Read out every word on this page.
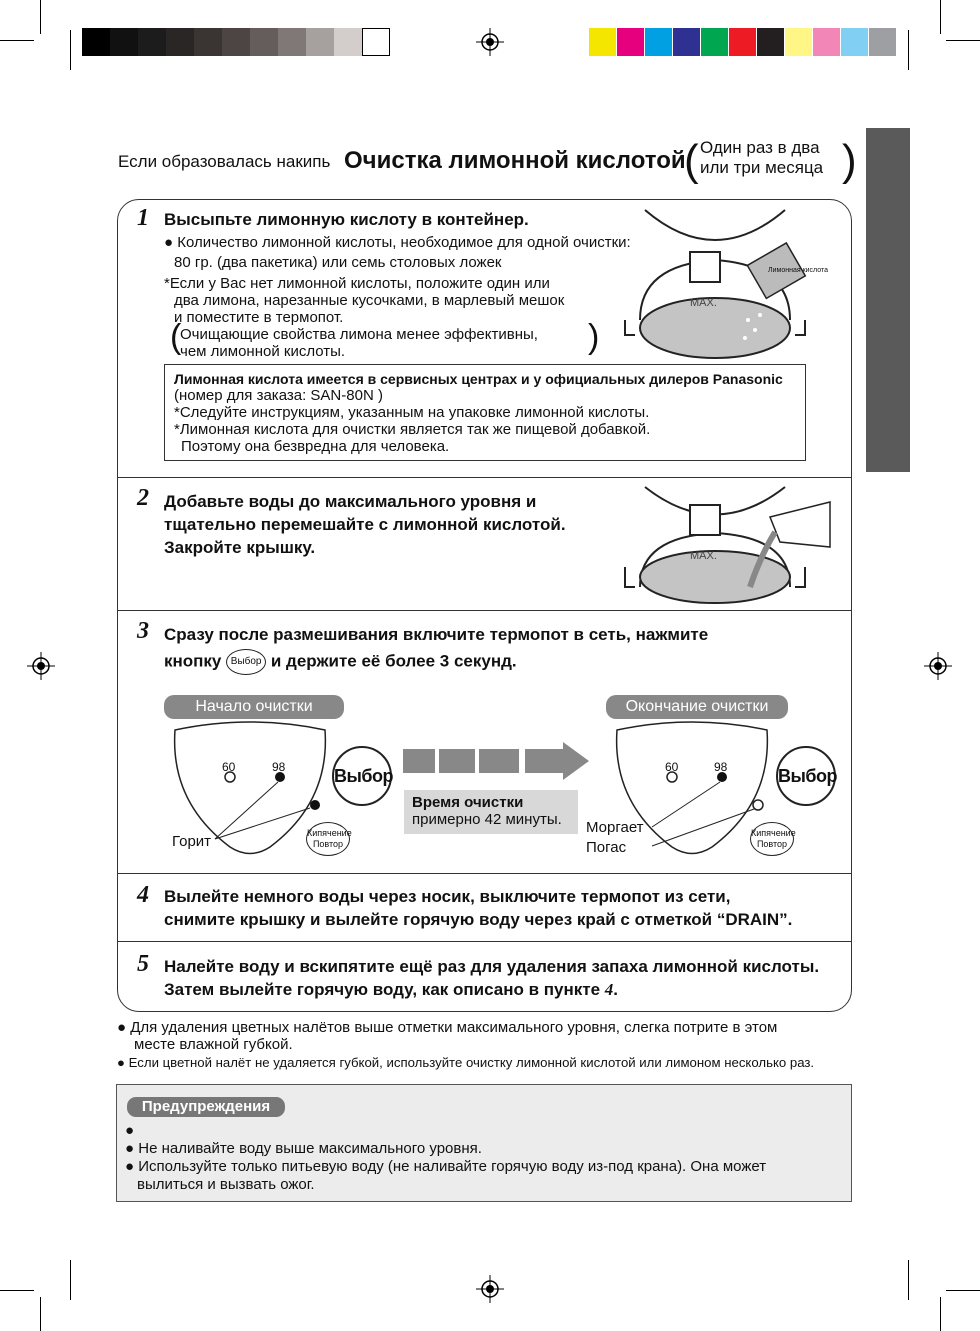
Если образовалась накипь Очистка лимонной кислотой
( Один раз в два
или три месяца )
1 Высыпьте лимонную кислоту в контейнер.
● Количество лимонной кислоты, необходимое для одной очистки:
80 гр. (два пакетика) или семь столовых ложек
*Если у Вас нет лимонной кислоты, положите один или
два лимона, нарезанные кусочками, в марлевый мешок
и поместите в термопот.
(
Очищающие свойства лимона менее эффективны,
чем лимонной кислоты.	)
MAX.
Лимонная кислота
Лимонная кислота имеется в сервисных центрах и у официальных дилеров Panasonic
(номер для заказа: SAN-80N )
*Следуйте инструкциям, указанным на упаковке лимонной кислоты.
*Лимонная кислота для очистки является так же пищевой добавкой.
Поэтому она безвредна для человека.
2 Добавьте воды до максимального уровня и
тщательно перемешайте с лимонной кислотой.
Закройте крышку.	MAX.
3 Сразу после размешивания включите термопот в сеть, нажмите
кнопку Выбор и держите её более 3 секунд.
Начало очистки	Окончание очистки
60	98
Горит
Выбор
Кипячение
Повтор
Время очистки
примерно 42 минуты.
60	98
Моргает
Погас
Выбор
Кипячение
Повтор
4 Вылейте немного воды через носик, выключите термопот из сети,
снимите крышку и вылейте горячую воду через край с отметкой “DRAIN”.
5 Налейте воду и вскипятите ещё раз для удаления запаха лимонной кислоты.
Затем вылейте горячую воду, как описано в пункте 4.
● Для удаления цветных налётов выше отметки максимального уровня, слегка потрите в этом
месте влажной губкой.
● Если цветной налёт не удаляется губкой, используйте очистку лимонной кислотой или лимоном несколько раз.
Предупреждения
●
● Не наливайте воду выше максимального уровня.
● Используйте только питьевую воду (не наливайте горячую воду из-под крана). Она может
вылиться и вызвать ожог.
